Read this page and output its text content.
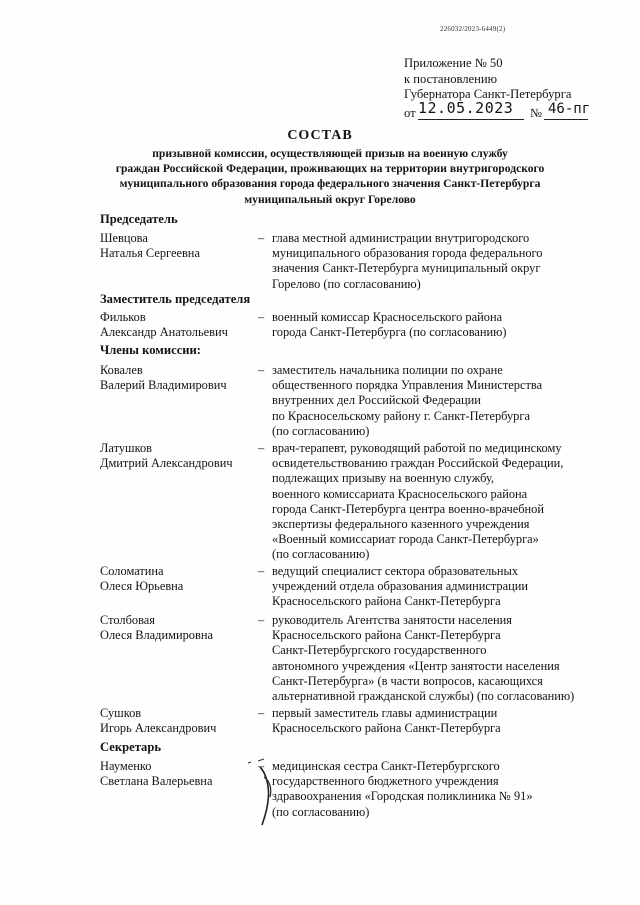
226032/2023-6449(2)
Приложение № 50
к постановлению
Губернатора Санкт-Петербурга
от 12.05.2023 № 46-пг
СОСТАВ
призывной комиссии, осуществляющей призыв на военную службу
граждан Российской Федерации, проживающих на территории внутригородского
муниципального образования города федерального значения Санкт-Петербурга
муниципальный округ Горелово
Председатель
Шевцова
Наталья Сергеевна
– глава местной администрации внутригородского
муниципального образования города федерального
значения Санкт-Петербурга муниципальный округ
Горелово (по согласованию)
Заместитель председателя
Фильков
Александр Анатольевич
– военный комиссар Красносельского района
города Санкт-Петербурга (по согласованию)
Члены комиссии:
Ковалев
Валерий Владимирович
– заместитель начальника полиции по охране
общественного порядка Управления Министерства
внутренних дел Российской Федерации
по Красносельскому району г. Санкт-Петербурга
(по согласованию)
Латушков
Дмитрий Александрович
– врач-терапевт, руководящий работой по медицинскому
освидетельствованию граждан Российской Федерации,
подлежащих призыву на военную службу,
военного комиссариата Красносельского района
города Санкт-Петербурга центра военно-врачебной
экспертизы федерального казенного учреждения
«Военный комиссариат города Санкт-Петербурга»
(по согласованию)
Соломатина
Олеся Юрьевна
– ведущий специалист сектора образовательных
учреждений отдела образования администрации
Красносельского района Санкт-Петербурга
Столбовая
Олеся Владимировна
– руководитель Агентства занятости населения
Красносельского района Санкт-Петербурга
Санкт-Петербургского государственного
автономного учреждения «Центр занятости населения
Санкт-Петербурга» (в части вопросов, касающихся
альтернативной гражданской службы) (по согласованию)
Сушков
Игорь Александрович
– первый заместитель главы администрации
Красносельского района Санкт-Петербурга
Секретарь
Науменко
Светлана Валерьевна
– медицинская сестра Санкт-Петербургского
государственного бюджетного учреждения
здравоохранения «Городская поликлиника № 91»
(по согласованию)
